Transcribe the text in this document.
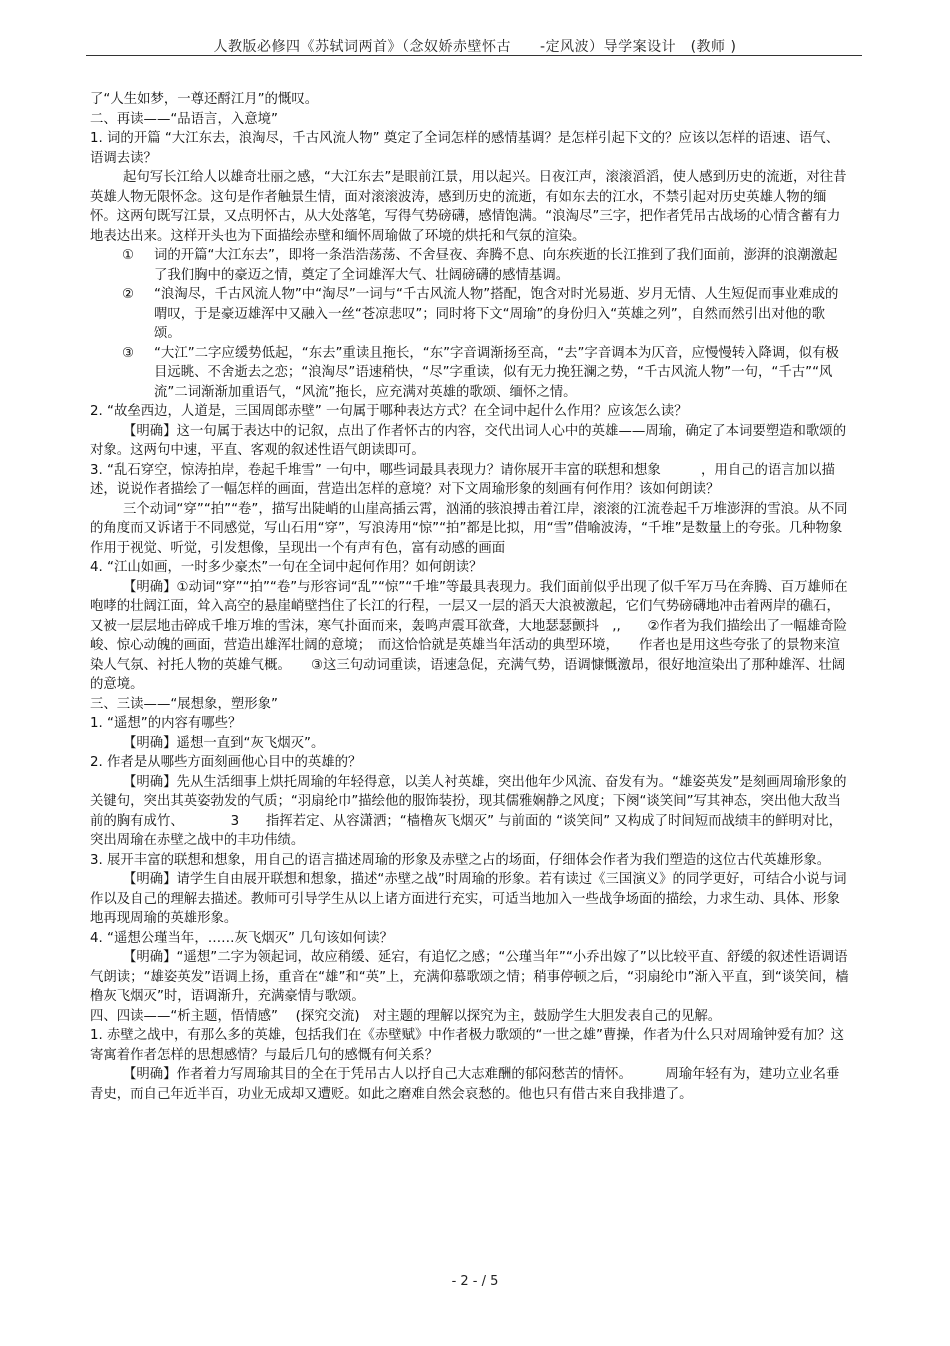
人教版必修四《苏轼词两首》（念奴娇赤壁怀古　　-定风波）导学案设计　(教师 )

了“人生如梦，一尊还酹江月”的慨叹。

二、再读——“品语言，入意境”

1. 词的开篇 “大江东去，浪淘尽，千古风流人物” 奠定了全词怎样的感情基调？是怎样引起下文的？应该以怎样的语速、语气、语调去读？

起句写长江给人以雄奇壮丽之感，“大江东去”是眼前江景，用以起兴。日夜江声，滚滚滔滔，使人感到历史的流逝，对往昔英雄人物无限怀念。这句是作者触景生情，面对滚滚波涛，感到历史的流逝，有如东去的江水，不禁引起对历史英雄人物的缅怀。这两句既写江景，又点明怀古，从大处落笔，写得气势磅礴，感情饱满。“浪淘尽”三字，把作者凭吊古战场的心情含蓄有力地表达出来。这样开头也为下面描绘赤壁和缅怀周瑜做了环境的烘托和气氛的渲染。

①	词的开篇“大江东去”，即将一条浩浩荡荡、不舍昼夜、奔腾不息、向东疾逝的长江推到了我们面前，澎湃的浪潮激起了我们胸中的豪迈之情，奠定了全词雄浑大气、壮阔磅礴的感情基调。
②	“浪淘尽，千古风流人物”中“淘尽”一词与“千古风流人物”搭配，饱含对时光易逝、岁月无情、人生短促而事业难成的喟叹，于是豪迈雄浑中又融入一丝“苍凉悲叹”；同时将下文“周瑜”的身份归入“英雄之列”，自然而然引出对他的歌颂。
③	“大江”二字应缓势低起，“东去”重读且拖长，“东”字音调渐扬至高，“去”字音调本为仄音，应慢慢转入降调，似有极目远眺、不舍逝去之恋；“浪淘尽”语速稍快，“尽”字重读，似有无力挽狂澜之势，“千古风流人物”一句，“千古”“风流”二词渐渐加重语气，“风流”拖长，应充满对英雄的歌颂、缅怀之情。

2. “故垒西边，人道是，三国周郎赤壁” 一句属于哪种表达方式？在全词中起什么作用？应该怎么读？

【明确】这一句属于表达中的记叙，点出了作者怀古的内容，交代出词人心中的英雄——周瑜，确定了本词要塑造和歌颂的对象。这两句中速，平直、客观的叙述性语气朗读即可。

3. “乱石穿空，惊涛拍岸，卷起千堆雪” 一句中，哪些词最具表现力？请你展开丰富的联想和想象　　　，用自己的语言加以描述，说说作者描绘了一幅怎样的画面，营造出怎样的意境？对下文周瑜形象的刻画有何作用？该如何朗读？

三个动词“穿”“拍”“卷”，描写出陡峭的山崖高插云霄，汹涌的骇浪搏击着江岸，滚滚的江流卷起千万堆澎湃的雪浪。从不同的角度而又诉诸于不同感觉，写山石用“穿”，写浪涛用“惊”“拍”都是比拟，用“雪”借喻波涛，“千堆”是数量上的夸张。几种物象作用于视觉、听觉，引发想像，呈现出一个有声有色，富有动感的画面

4. “江山如画，一时多少豪杰”一句在全词中起何作用？如何朗读？

【明确】①动词“穿”“拍”“卷”与形容词“乱”“惊”“千堆”等最具表现力。我们面前似乎出现了似千军万马在奔腾、百万雄师在咆哮的壮阔江面，耸入高空的悬崖峭壁挡住了长江的行程，一层又一层的滔天大浪被激起，它们气势磅礴地冲击着两岸的礁石，又被一层层地击碎成千堆万堆的雪沫，寒气扑面而来，轰鸣声震耳欲聋，大地瑟瑟颤抖　,,　　②作者为我们描绘出了一幅雄奇险峻、惊心动魄的画面，营造出雄浑壮阔的意境；　而这恰恰就是英雄当年活动的典型环境，　　作者也是用这些夸张了的景物来渲染人气氛、衬托人物的英雄气概。　　③这三句动词重读，语速急促，充满气势，语调慷慨激昂，很好地渲染出了那种雄浑、壮阔的意境。

三、三读——“展想象，塑形象”

1. “遥想”的内容有哪些？

【明确】遥想一直到“灰飞烟灭”。

2. 作者是从哪些方面刻画他心目中的英雄的？

【明确】先从生活细事上烘托周瑜的年轻得意，以美人衬英雄，突出他年少风流、奋发有为。“雄姿英发”是刻画周瑜形象的关键句，突出其英姿勃发的气质；“羽扇纶巾”描绘他的服饰装扮，现其儒雅娴静之风度；下阕“谈笑间”写其神态，突出他大敌当前的胸有成竹、　　　　3　　指挥若定、从容潇洒；“樯橹灰飞烟灭” 与前面的 “谈笑间” 又构成了时间短而战绩丰的鲜明对比，　　突出周瑜在赤壁之战中的丰功伟绩。

3. 展开丰富的联想和想象，用自己的语言描述周瑜的形象及赤壁之占的场面，仔细体会作者为我们塑造的这位古代英雄形象。

【明确】请学生自由展开联想和想象，描述“赤壁之战”时周瑜的形象。若有读过《三国演义》的同学更好，可结合小说与词作以及自己的理解去描述。教师可引导学生从以上诸方面进行充实，可适当地加入一些战争场面的描绘，力求生动、具体、形象地再现周瑜的英雄形象。

4. “遥想公瑾当年，……灰飞烟灭” 几句该如何读？

【明确】“遥想”二字为领起词，故应稍缓、延宕，有追忆之感；“公瑾当年”“小乔出嫁了”以比较平直、舒缓的叙述性语调语气朗读；“雄姿英发”语调上扬，重音在“雄”和“英”上，充满仰慕歌颂之情；稍事停顿之后，“羽扇纶巾”渐入平直，到“谈笑间，樯橹灰飞烟灭”时，语调渐升，充满豪情与歌颂。

四、四读——“析主题，悟情感” 　(探究交流)　对主题的理解以探究为主，鼓励学生大胆发表自己的见解。

1. 赤壁之战中，有那么多的英雄，包括我们在《赤壁赋》中作者极力歌颂的“一世之雄”曹操，作者为什么只对周瑜钟爱有加？这寄寓着作者怎样的思想感情？与最后几句的感慨有何关系？

【明确】作者着力写周瑜其目的全在于凭吊古人以抒自己大志难酬的郁闷愁苦的情怀。　　　周瑜年轻有为，建功立业名垂青史，而自己年近半百，功业无成却又遭贬。如此之磨难自然会哀愁的。他也只有借古来自我排遣了。

- 2 - / 5
